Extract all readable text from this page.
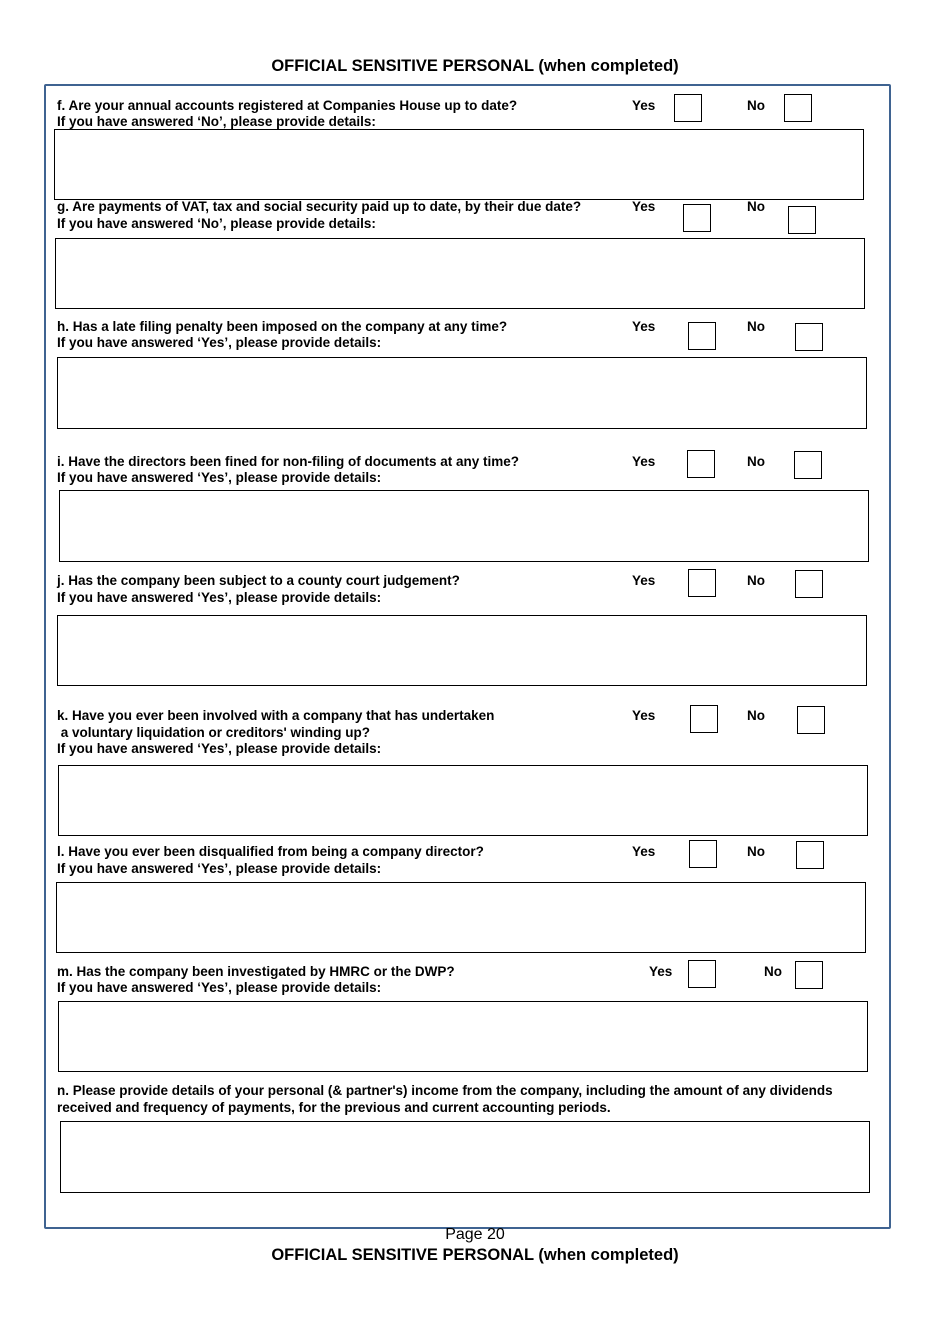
OFFICIAL SENSITIVE PERSONAL (when completed)
f. Are your annual accounts registered at Companies House up to date?
If you have answered ‘No’, please provide details:
Yes	No
g. Are payments of VAT, tax and social security paid up to date, by their due date?
If you have answered ‘No’, please provide details:
Yes	No
h. Has a late filing penalty been imposed on the company at any time?
If you have answered ‘Yes’, please provide details:
Yes	No
i. Have the directors been fined for non-filing of documents at any time?
If you have answered ‘Yes’, please provide details:
Yes	No
j. Has the company been subject to a county court judgement?
If you have answered ‘Yes’, please provide details:
Yes	No
k. Have you ever been involved with a company that has undertaken
a voluntary liquidation or creditors' winding up?
If you have answered ‘Yes’, please provide details:
Yes	No
l. Have you ever been disqualified from being a company director?
If you have answered ‘Yes’, please provide details:
Yes	No
m. Has the company been investigated by HMRC or the DWP?
If you have answered ‘Yes’, please provide details:
Yes	No
n. Please provide details of your personal (& partner's) income from the company, including the amount of any dividends
received and frequency of payments, for the previous and current accounting periods.
Page 20
OFFICIAL SENSITIVE PERSONAL (when completed)
